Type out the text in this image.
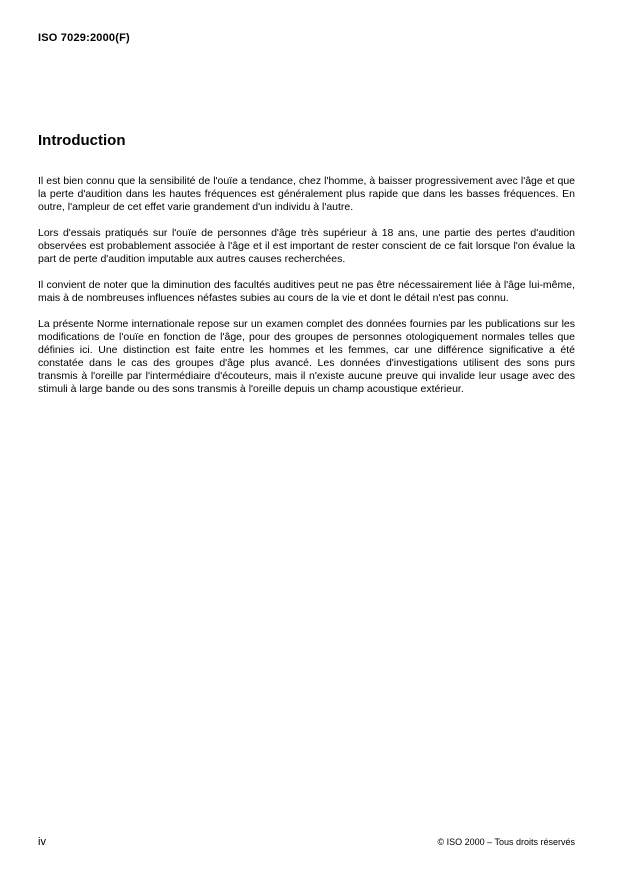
ISO 7029:2000(F)
Introduction

Il est bien connu que la sensibilité de l'ouïe a tendance, chez l'homme, à baisser progressivement avec l'âge et que la perte d'audition dans les hautes fréquences est généralement plus rapide que dans les basses fréquences. En outre, l'ampleur de cet effet varie grandement d'un individu à l'autre.

Lors d'essais pratiqués sur l'ouïe de personnes d'âge très supérieur à 18 ans, une partie des pertes d'audition observées est probablement associée à l'âge et il est important de rester conscient de ce fait lorsque l'on évalue la part de perte d'audition imputable aux autres causes recherchées.

Il convient de noter que la diminution des facultés auditives peut ne pas être nécessairement liée à l'âge lui-même, mais à de nombreuses influences néfastes subies au cours de la vie et dont le détail n'est pas connu.

La présente Norme internationale repose sur un examen complet des données fournies par les publications sur les modifications de l'ouïe en fonction de l'âge, pour des groupes de personnes otologiquement normales telles que définies ici. Une distinction est faite entre les hommes et les femmes, car une différence significative a été constatée dans le cas des groupes d'âge plus avancé. Les données d'investigations utilisent des sons purs transmis à l'oreille par l'intermédiaire d'écouteurs, mais il n'existe aucune preuve qui invalide leur usage avec des stimuli à large bande ou des sons transmis à l'oreille depuis un champ acoustique extérieur.

iv	© ISO 2000 – Tous droits réservés
